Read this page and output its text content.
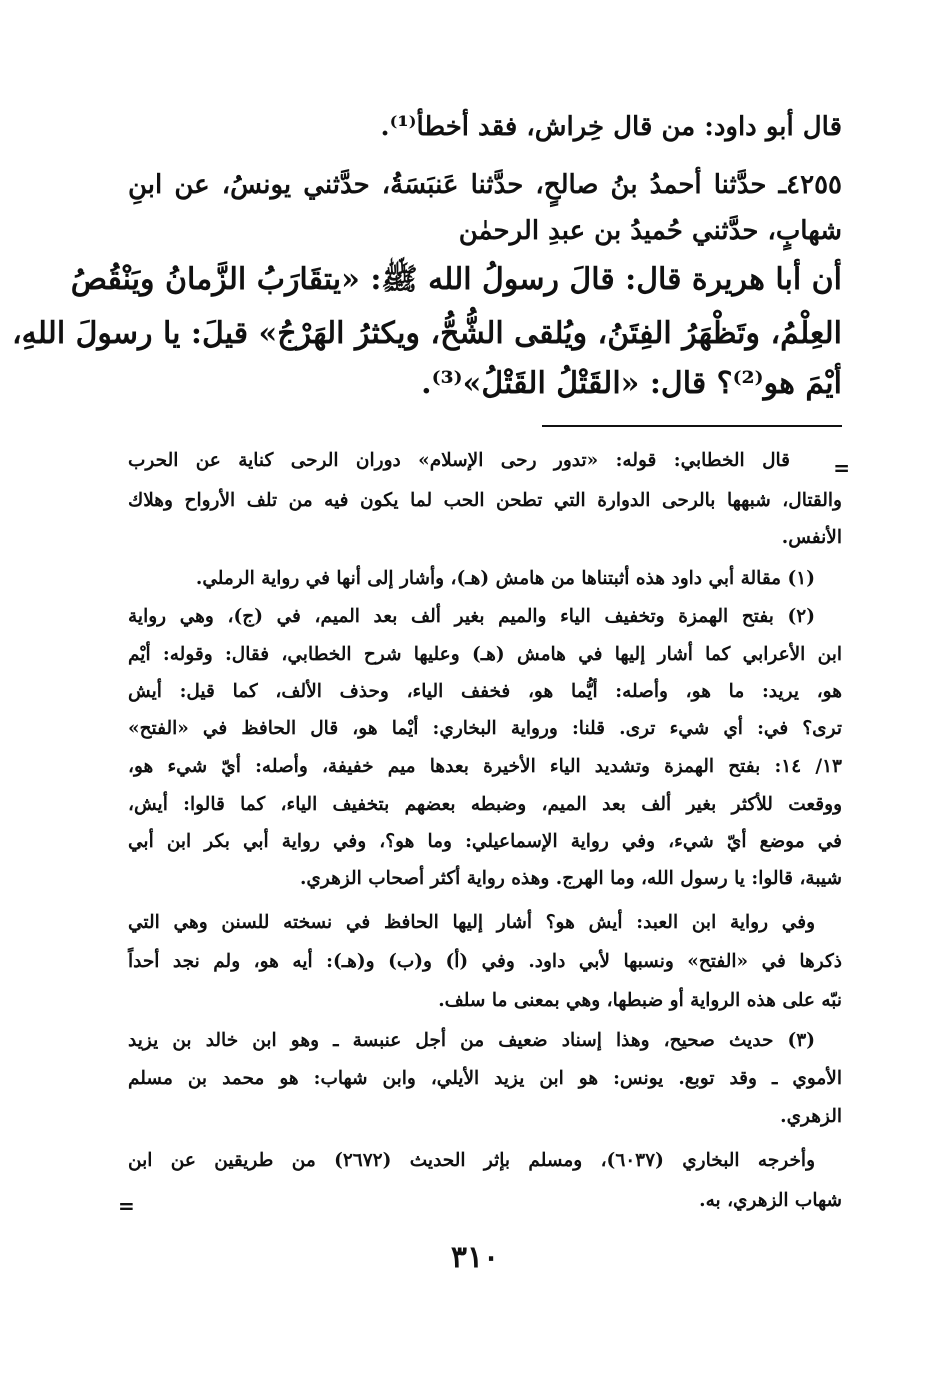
قال أبو داود: من قال خِراش، فقد أخطأ⁽¹⁾.
٤٢٥٥ـ حدَّثنا أحمدُ بنُ صالحٍ، حدَّثنا عَنبَسَةُ، حدَّثني يونسُ، عن ابنِ
شهابٍ، حدَّثني حُميدُ بن عبدِ الرحمٰن
أن أبا هريرة قال: قالَ رسولُ الله ﷺ: «يتقَارَبُ الزَّمانُ ويَنْقُصُ
العِلْمُ، وتَظْهَرُ الفِتَنُ، ويُلقى الشُّحُّ، ويكثرُ الهَرْجُ» قيلَ: يا رسولَ اللهِ،
أيْمَ هو⁽²⁾؟ قال: «القَتْلُ القَتْلُ»⁽³⁾.
=
قال الخطابي: قوله: «تدور رحى الإسلام» دوران الرحى كناية عن الحرب
والقتال، شبهها بالرحى الدوارة التي تطحن الحب لما يكون فيه من تلف الأرواح وهلاك
الأنفس.
(١) مقالة أبي داود هذه أثبتناها من هامش (هـ)، وأشار إلى أنها في رواية الرملي.
(٢) بفتح الهمزة وتخفيف الياء والميم بغير ألف بعد الميم، في (ج)، وهي رواية
ابن الأعرابي كما أشار إليها في هامش (هـ) وعليها شرح الخطابي، فقال: وقوله: أيْم
هو، يريد: ما هو، وأصله: أيُّما هو، فخفف الياء، وحذف الألف، كما قيل: أيش
ترى؟ في: أي شيء ترى. قلنا: ورواية البخاري: أيْما هو، قال الحافظ في «الفتح»
١٣/ ١٤: بفتح الهمزة وتشديد الياء الأخيرة بعدها ميم خفيفة، وأصله: أيّ شيء هو،
ووقعت للأكثر بغير ألف بعد الميم، وضبطه بعضهم بتخفيف الياء، كما قالوا: أيش،
في موضع أيّ شيء، وفي رواية الإسماعيلي: وما هو؟، وفي رواية أبي بكر ابن أبي
شيبة، قالوا: يا رسول الله، وما الهرج. وهذه رواية أكثر أصحاب الزهري.
وفي رواية ابن العبد: أيش هو؟ أشار إليها الحافظ في نسخته للسنن وهي التي
ذكرها في «الفتح» ونسبها لأبي داود. وفي (أ) و(ب) و(هـ): أيه هو، ولم نجد أحداً
نبّه على هذه الرواية أو ضبطها، وهي بمعنى ما سلف.
(٣) حديث صحيح، وهذا إسناد ضعيف من أجل عنبسة ـ وهو ابن خالد بن يزيد
الأموي ـ وقد توبع. يونس: هو ابن يزيد الأيلي، وابن شهاب: هو محمد بن مسلم
الزهري.
وأخرجه البخاري (٦٠٣٧)، ومسلم بإثر الحديث (٢٦٧٢) من طريقين عن ابن
شهاب الزهري، به.
=
٣١٠
